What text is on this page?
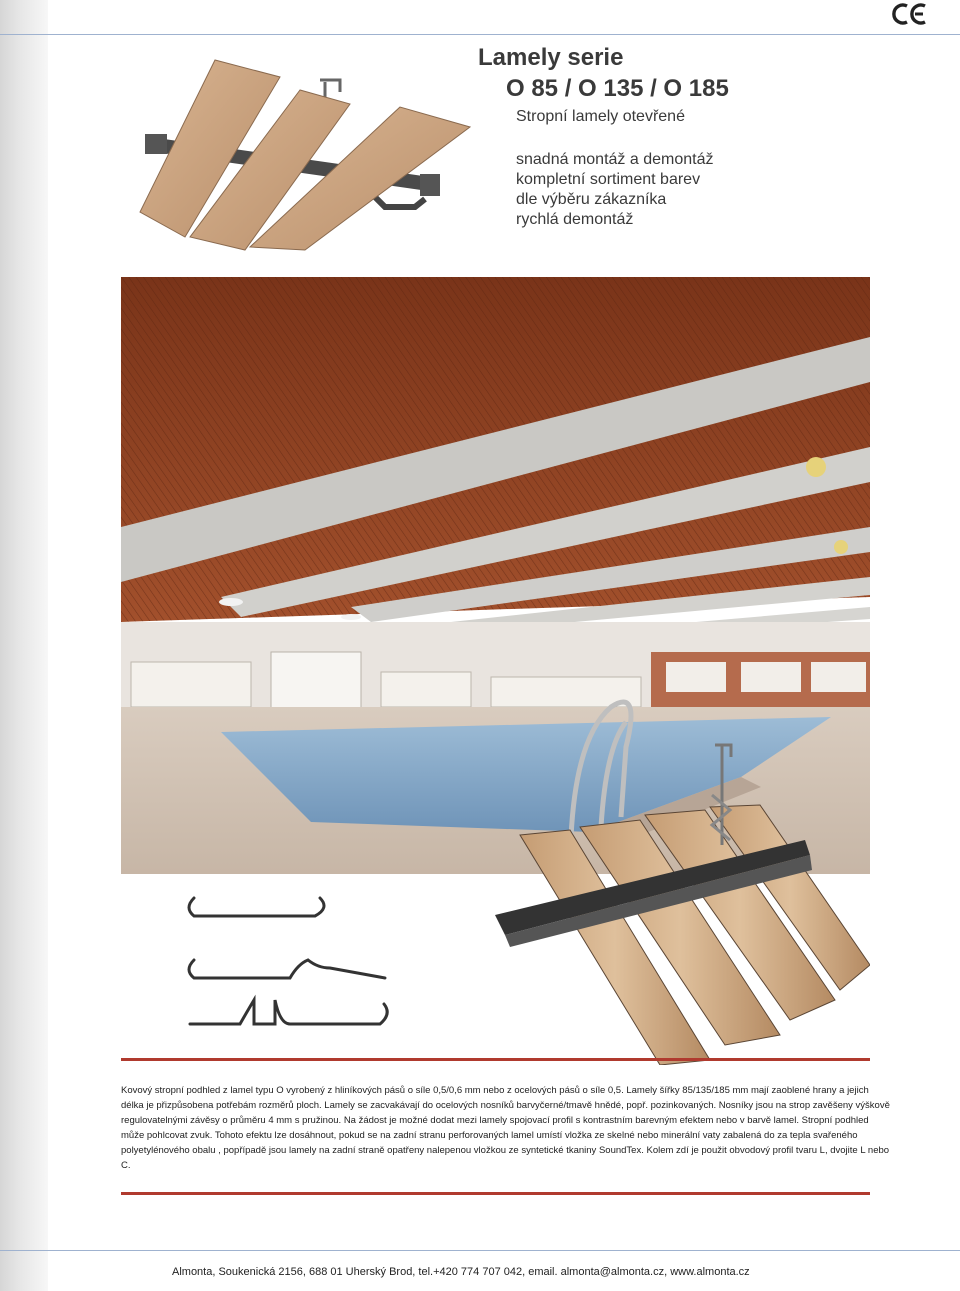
Lamely serie
O 85 / O 135 / O 185
Stropní lamely otevřené
snadná montáž a demontáž
kompletní sortiment barev
dle výběru zákazníka
rychlá demontáž

Kovový stropní podhled z lamel typu O vyrobený z hliníkových pásů o síle 0,5/0,6 mm nebo z ocelových pásů o síle 0,5. Lamely šířky 85/135/185 mm mají zaoblené hrany a jejich délka je přizpůsobena potřebám rozměrů ploch. Lamely se zacvakávají do ocelových nosníků barvyčerné/tmavě hnědé, popř. pozinkovaných. Nosníky jsou na strop zavěšeny výškově regulovatelnými závěsy o průměru 4 mm s pružinou. Na žádost je možné dodat mezi lamely spojovací profil s kontrastním barevným efektem nebo v barvě lamel. Stropní podhled může pohlcovat zvuk. Tohoto efektu lze dosáhnout, pokud se na zadní stranu perforovaných lamel umístí vložka ze skelné nebo minerální vaty zabalená do za tepla svařeného polyetylénového obalu , popřípadě jsou lamely na zadní straně opatřeny nalepenou vložkou ze syntetické tkaniny SoundTex. Kolem zdí je použit obvodový profil tvaru L, dvojite L nebo C.

Almonta, Soukenická 2156, 688 01 Uherský Brod, tel.+420 774 707 042, email. almonta@almonta.cz, www.almonta.cz
